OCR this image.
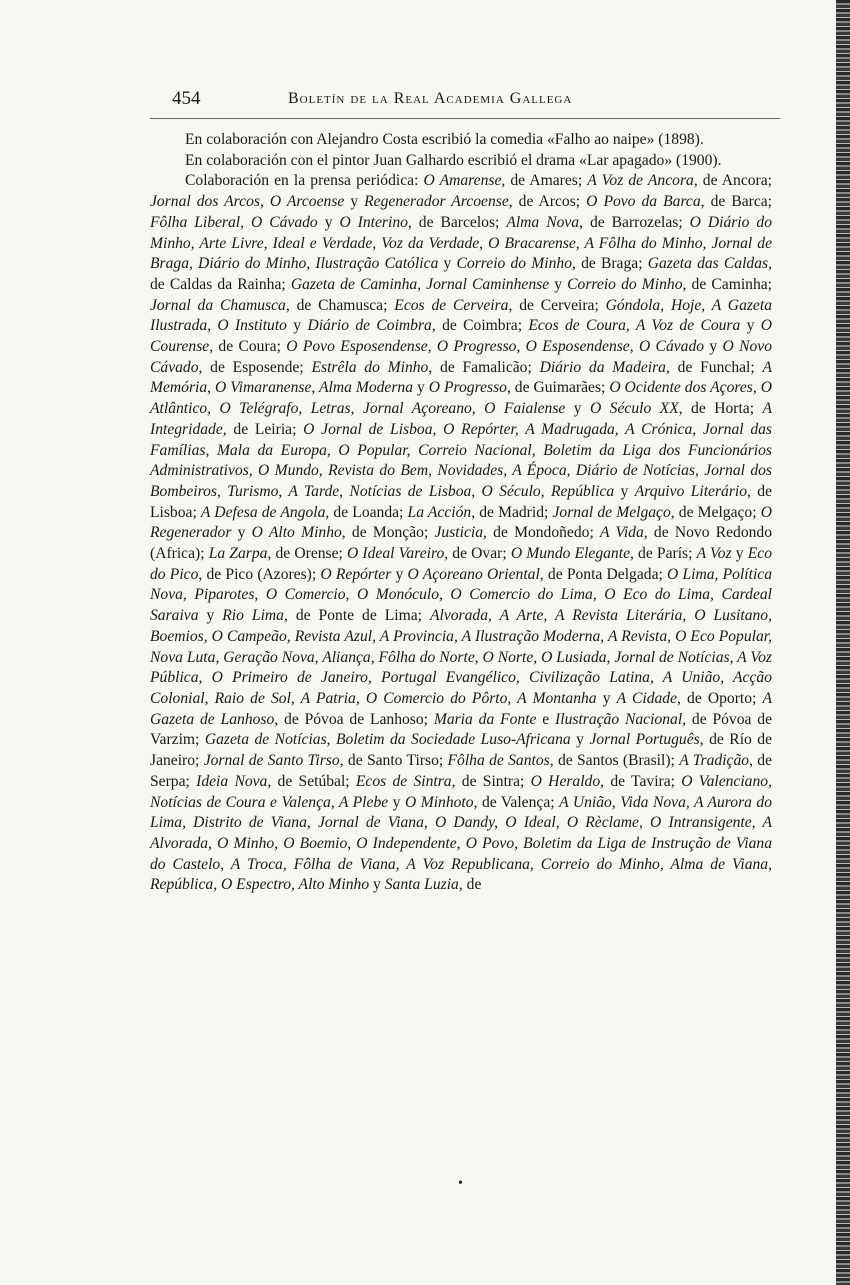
454	Boletín de la Real Academia Gallega

En colaboración con Alejandro Costa escribió la comedia «Falho ao naipe» (1898).

En colaboración con el pintor Juan Galhardo escribió el drama «Lar apagado» (1900).

Colaboración en la prensa periódica: O Amarense, de Amares; A Voz de Ancora, de Ancora; Jornal dos Arcos, O Arcoense y Regenerador Arcoense, de Arcos; O Povo da Barca, de Barca; Fôlha Liberal, O Cávado y O Interino, de Barcelos; Alma Nova, de Barrozelas; O Diário do Minho, Arte Livre, Ideal e Verdade, Voz da Verdade, O Bracarense, A Fôlha do Minho, Jornal de Braga, Diário do Minho, Ilustração Católica y Correio do Minho, de Braga; Gazeta das Caldas, de Caldas da Rainha; Gazeta de Caminha, Jornal Caminhense y Correio do Minho, de Caminha; Jornal da Chamusca, de Chamusca; Ecos de Cerveira, de Cerveira; Góndola, Hoje, A Gazeta Ilustrada, O Instituto y Diário de Coimbra, de Coimbra; Ecos de Coura, A Voz de Coura y O Courense, de Coura; O Povo Esposendense, O Progresso, O Esposendense, O Cávado y O Novo Cávado, de Esposende; Estrêla do Minho, de Famalicão; Diário da Madeira, de Funchal; A Memória, O Vimaranense, Alma Moderna y O Progresso, de Guimarães; O Ocidente dos Açores, O Atlântico, O Telégrafo, Letras, Jornal Açoreano, O Faialense y O Século XX, de Horta; A Integridade, de Leiria; O Jornal de Lisboa, O Repórter, A Madrugada, A Crónica, Jornal das Famílias, Mala da Europa, O Popular, Correio Nacional, Boletim da Liga dos Funcionários Administrativos, O Mundo, Revista do Bem, Novidades, A Época, Diário de Notícias, Jornal dos Bombeiros, Turismo, A Tarde, Notícias de Lisboa, O Século, República y Arquivo Literário, de Lisboa; A Defesa de Angola, de Loanda; La Acción, de Madrid; Jornal de Melgaço, de Melgaço; O Regenerador y O Alto Minho, de Monção; Justicia, de Mondoñedo; A Vida, de Novo Redondo (Africa); La Zarpa, de Orense; O Ideal Vareiro, de Ovar; O Mundo Elegante, de París; A Voz y Eco do Pico, de Pico (Azores); O Repórter y O Açoreano Oriental, de Ponta Delgada; O Lima, Política Nova, Piparotes, O Comercio, O Monóculo, O Comercio do Lima, O Eco do Lima, Cardeal Saraiva y Rio Lima, de Ponte de Lima; Alvorada, A Arte, A Revista Literária, O Lusitano, Boemios, O Campeão, Revista Azul, A Provincia, A Ilustração Moderna, A Revista, O Eco Popular, Nova Luta, Geração Nova, Aliança, Fôlha do Norte, O Norte, O Lusiada, Jornal de Notícias, A Voz Pública, O Primeiro de Janeiro, Portugal Evangélico, Civilização Latina, A União, Acção Colonial, Raio de Sol, A Patria, O Comercio do Pôrto, A Montanha y A Cidade, de Oporto; A Gazeta de Lanhoso, de Póvoa de Lanhoso; Maria da Fonte e Ilustração Nacional, de Póvoa de Varzim; Gazeta de Notícias, Boletim da Sociedade Luso-Africana y Jornal Português, de Río de Janeiro; Jornal de Santo Tirso, de Santo Tirso; Fôlha de Santos, de Santos (Brasil); A Tradição, de Serpa; Ideia Nova, de Setúbal; Ecos de Sintra, de Sintra; O Heraldo, de Tavira; O Valenciano, Notícias de Coura e Valença, A Plebe y O Minhoto, de Valença; A União, Vida Nova, A Aurora do Lima, Distrito de Viana, Jornal de Viana, O Dandy, O Ideal, O Rèclame, O Intransigente, A Alvorada, O Minho, O Boemio, O Independente, O Povo, Boletim da Liga de Instrução de Viana do Castelo, A Troca, Fôlha de Viana, A Voz Republicana, Correio do Minho, Alma de Viana, República, O Espectro, Alto Minho y Santa Luzia, de

•
